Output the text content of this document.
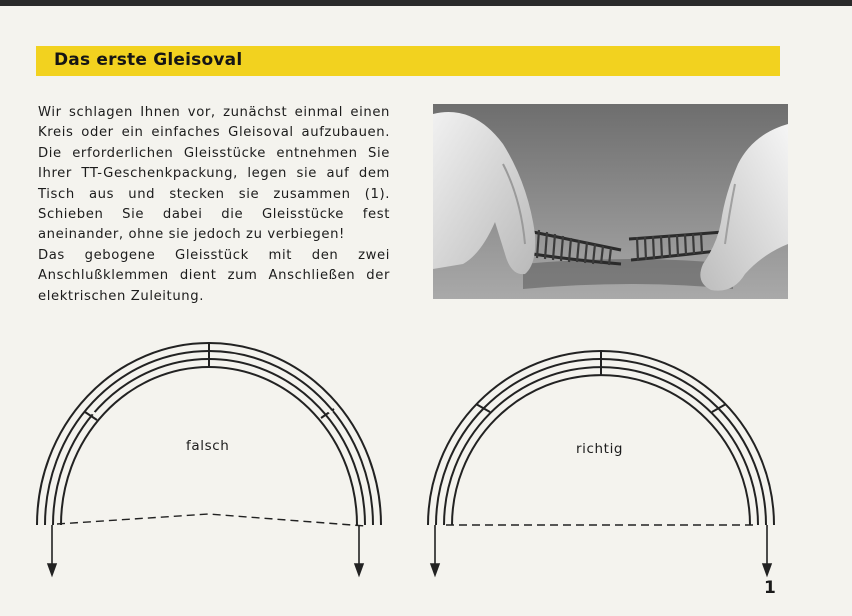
Das erste Gleisoval

Wir schlagen Ihnen vor, zunächst einmal einen Kreis oder ein einfaches Gleisoval aufzubauen. Die erforderlichen Gleisstücke entnehmen Sie Ihrer TT-Geschenkpackung, legen sie auf dem Tisch aus und stecken sie zusammen (1). Schieben Sie dabei die Gleisstücke fest aneinander, ohne sie jedoch zu verbiegen!

Das gebogene Gleisstück mit den zwei Anschlußklemmen dient zum Anschließen der elektrischen Zuleitung.

falsch	richtig
1
